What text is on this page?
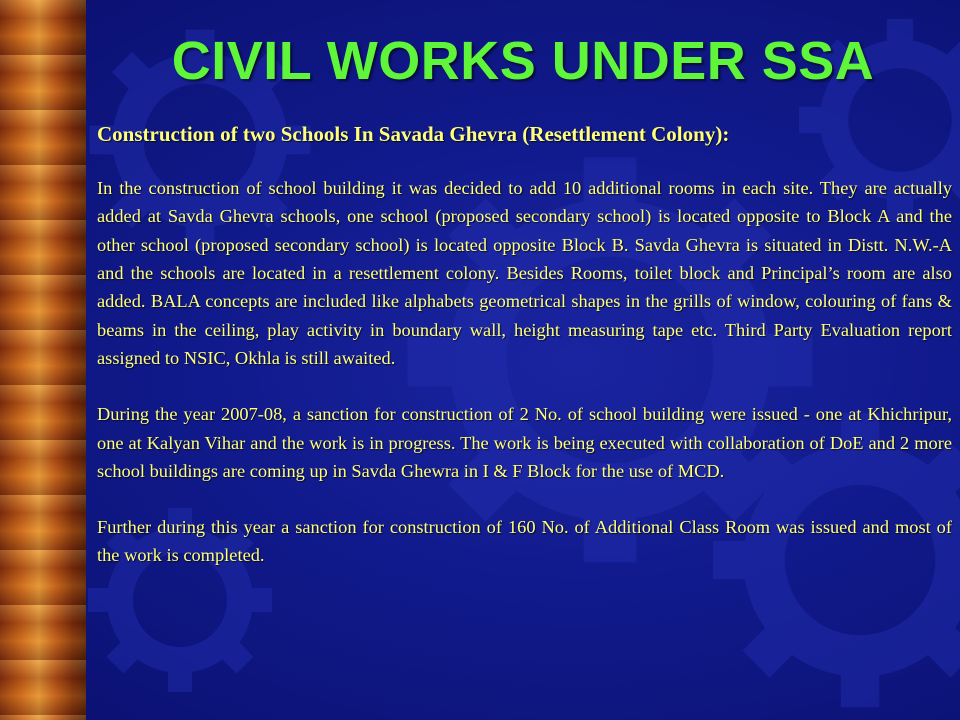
CIVIL WORKS UNDER SSA

Construction of two Schools In Savada Ghevra (Resettlement Colony):

In the construction of school building it was decided to add 10 additional rooms in each site. They are actually added at Savda Ghevra schools, one school (proposed secondary school) is located opposite to Block A and the other school (proposed secondary school) is located opposite Block B. Savda Ghevra is situated in Distt. N.W.-A and the schools are located in a resettlement colony. Besides Rooms, toilet block and Principal’s room are also added. BALA concepts are included like alphabets geometrical shapes in the grills of window, colouring of fans & beams in the ceiling, play activity in boundary wall, height measuring tape etc. Third Party Evaluation report assigned to NSIC, Okhla is still awaited.

During the year 2007-08, a sanction for construction of 2 No. of school building were issued - one at Khichripur, one at Kalyan Vihar and the work is in progress. The work is being executed with collaboration of DoE and 2 more school buildings are coming up in Savda Ghewra in I & F Block for the use of MCD.

Further during this year a sanction for construction of 160 No. of Additional Class Room was issued and most of the work is completed.
